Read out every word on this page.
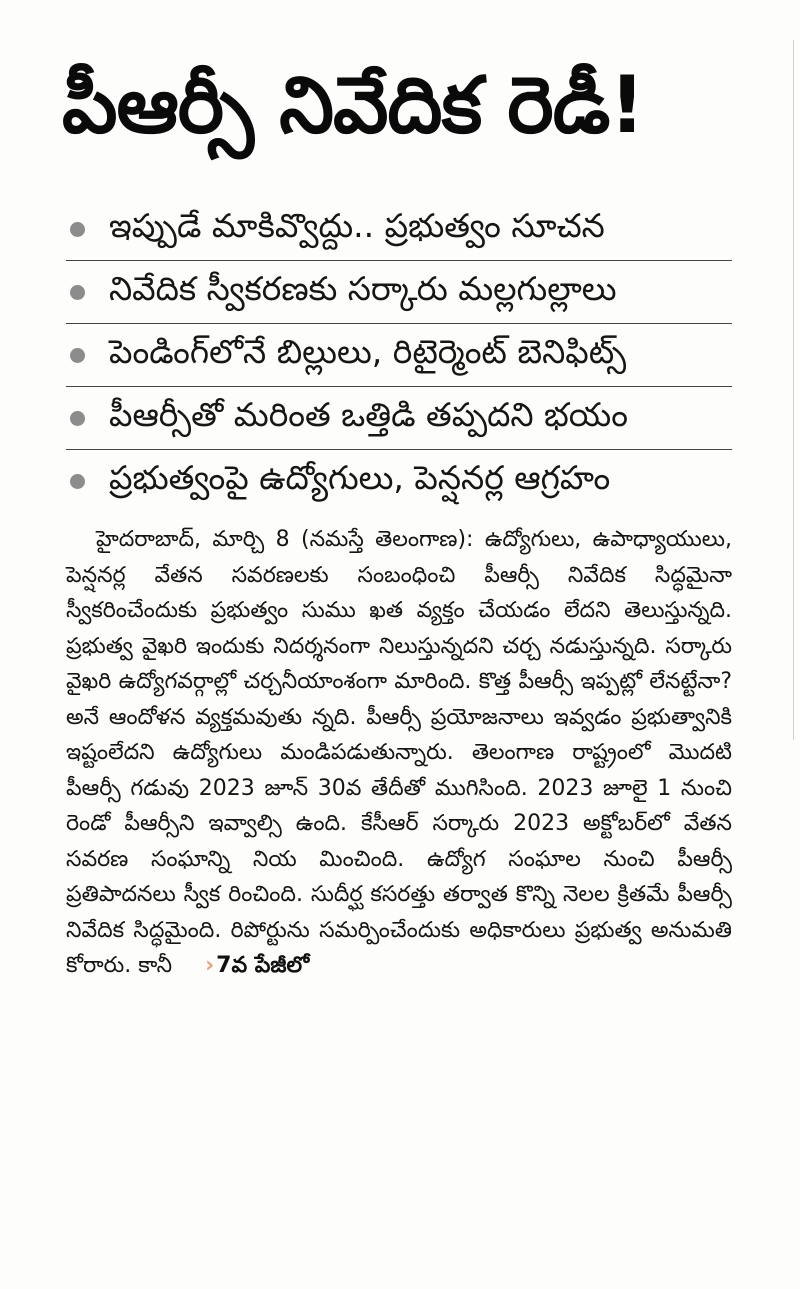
పీఆర్సీ నివేదిక రెడీ!
ఇప్పుడే మాకివ్వొద్దు.. ప్రభుత్వం సూచన
నివేదిక స్వీకరణకు సర్కారు మల్లగుల్లాలు
పెండింగ్‌లోనే బిల్లులు, రిటైర్మెంట్ బెనిఫిట్స్
పీఆర్సీతో మరింత ఒత్తిడి తప్పదని భయం
ప్రభుత్వంపై ఉద్యోగులు, పెన్షనర్ల ఆగ్రహం
హైదరాబాద్, మార్చి 8 (నమస్తే తెలంగాణ): ఉద్యోగులు, ఉపాధ్యాయులు, పెన్షనర్ల వేతన సవరణలకు సంబంధించి పీఆర్సీ నివేదిక సిద్ధమైనా స్వీకరించేందుకు ప్రభుత్వం సుము ఖత వ్యక్తం చేయడం లేదని తెలుస్తున్నది. ప్రభుత్వ వైఖరి ఇందుకు నిదర్శనంగా నిలుస్తున్నదని చర్చ నడుస్తున్నది. సర్కారు వైఖరి ఉద్యోగవర్గాల్లో చర్చనీయాంశంగా మారింది. కొత్త పీఆర్సీ ఇప్పట్లో లేనట్టేనా? అనే ఆందోళన వ్యక్తమవుతు న్నది. పీఆర్సీ ప్రయోజనాలు ఇవ్వడం ప్రభుత్వానికి ఇష్టంలేదని ఉద్యోగులు మండిపడుతున్నారు. తెలంగాణ రాష్ట్రంలో మొదటి పీఆర్సీ గడువు 2023 జూన్ 30వ తేదీతో ముగిసింది. 2023 జూలై 1 నుంచి రెండో పీఆర్సీని ఇవ్వాల్సి ఉంది. కేసీఆర్ సర్కారు 2023 అక్టోబర్‌లో వేతన సవరణ సంఘాన్ని నియ మించింది. ఉద్యోగ సంఘాల నుంచి పీఆర్సీ ప్రతిపాదనలు స్వీక రించింది. సుదీర్ఘ కసరత్తు తర్వాత కొన్ని నెలల క్రితమే పీఆర్సీ నివేదిక సిద్ధమైంది. రిపోర్టును సమర్పించేందుకు అధికారులు ప్రభుత్వ అనుమతి కోరారు. కానీ ›7వ పేజీలో
